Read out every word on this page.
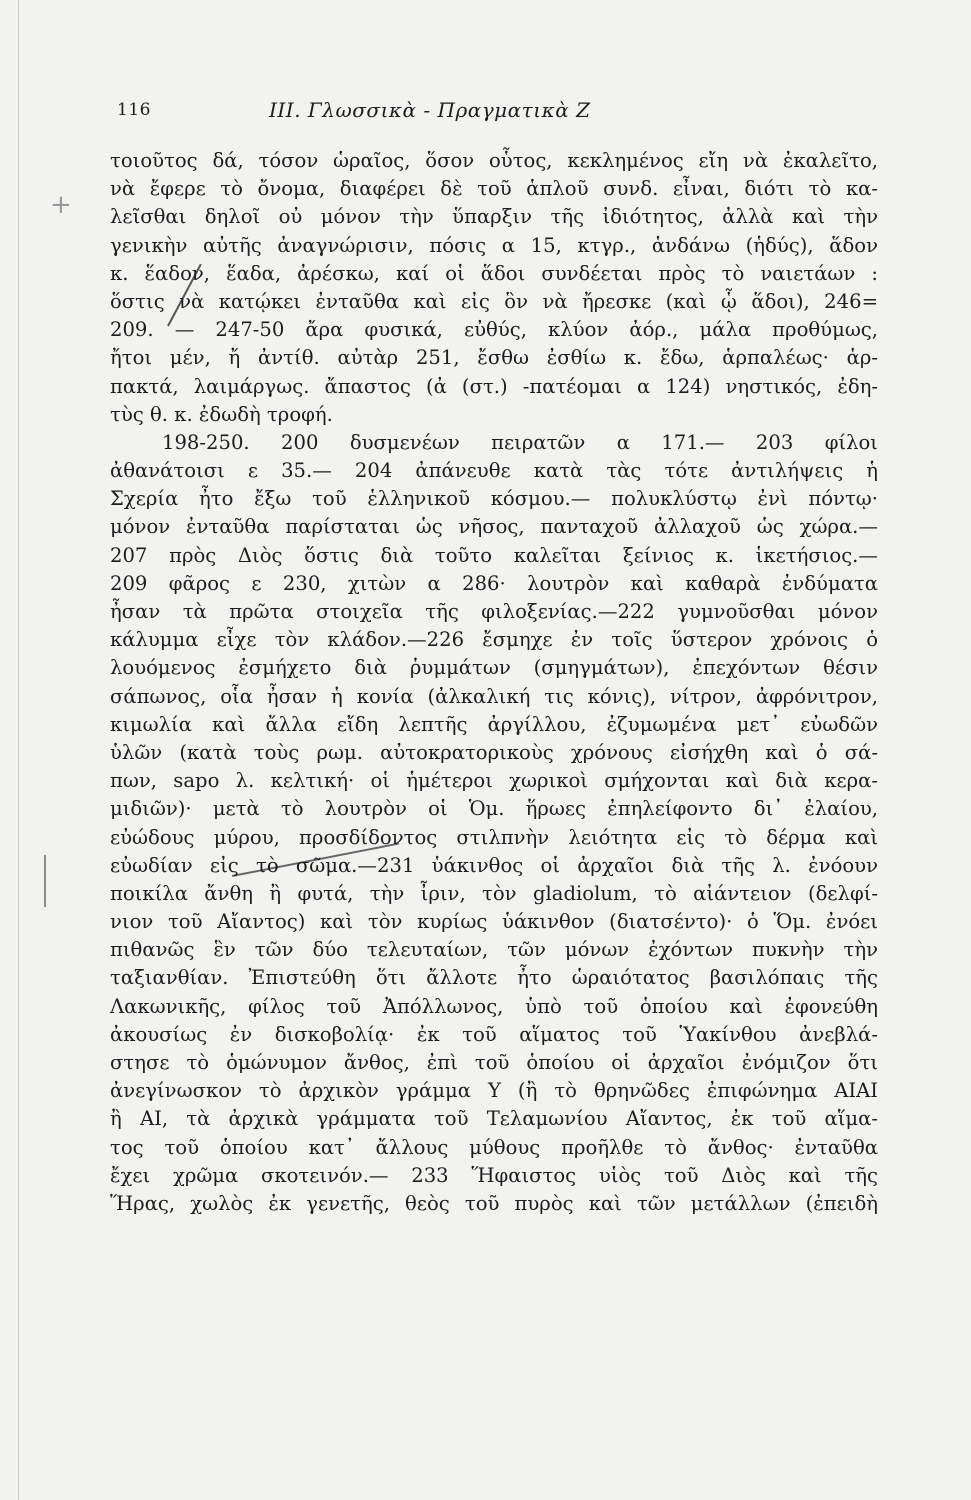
116	III. Γλωσσικὰ - Πραγματικὰ Ζ
+
τοιοῦτος δά, τόσον ὡραῖος, ὅσον οὗτος, κεκλημένος εἴη νὰ ἐκαλεῖτο,
νὰ ἔφερε τὸ ὄνομα, διαφέρει δὲ τοῦ ἁπλοῦ συνδ. εἶναι, διότι τὸ κα-
λεῖσθαι δηλοῖ οὐ μόνον τὴν ὕπαρξιν τῆς ἰδιότητος, ἀλλὰ καὶ τὴν
γενικὴν αὐτῆς ἀναγνώρισιν, πόσις α 15, κτγρ., ἁνδάνω (ἡδύς), ἅδον
κ. ἕαδον, ἕαδα, ἀρέσκω, καί οἱ ἅδοι συνδέεται πρὸς τὸ ναιετάων :
ὅστις νὰ κατῴκει ἐνταῦθα καὶ εἰς ὃν νὰ ἤρεσκε (καὶ ᾧ ἅδοι), 246=
209. — 247-50 ἄρα φυσικά, εὐθύς, κλύον ἀόρ., μάλα προθύμως,
ἤτοι μέν, ἤ ἀντίθ. αὐτὰρ 251, ἔσθω ἐσθίω κ. ἔδω, ἁρπαλέως· ἁρ-
πακτά, λαιμάργως. ἄπαστος (ἀ (στ.) -πατέομαι α 124) νηστικός, ἐδη-
τὺς θ. κ. ἐδωδὴ τροφή.
198-250. 200 δυσμενέων πειρατῶν α 171.— 203 φίλοι
ἀθανάτοισι ε 35.— 204 ἀπάνευθε κατὰ τὰς τότε ἀντιλήψεις ἡ
Σχερία ἦτο ἔξω τοῦ ἑλληνικοῦ κόσμου.— πολυκλύστῳ ἐνὶ πόντῳ·
μόνον ἐνταῦθα παρίσταται ὡς νῆσος, πανταχοῦ ἀλλαχοῦ ὡς χώρα.—
207 πρὸς Διὸς ὅστις διὰ τοῦτο καλεῖται ξείνιος κ. ἱκετήσιος.—
209 φᾶρος ε 230, χιτὼν α 286· λουτρὸν καὶ καθαρὰ ἐνδύματα
ἦσαν τὰ πρῶτα στοιχεῖα τῆς φιλοξενίας.—222 γυμνοῦσθαι μόνον
κάλυμμα εἶχε τὸν κλάδον.—226 ἔσμηχε ἐν τοῖς ὕστερον χρόνοις ὁ
λουόμενος ἐσμήχετο διὰ ῥυμμάτων (σμηγμάτων), ἐπεχόντων θέσιν
σάπωνος, οἷα ἦσαν ἡ κονία (ἀλκαλική τις κόνις), νίτρον, ἀφρόνιτρον,
κιμωλία καὶ ἄλλα εἴδη λεπτῆς ἀργίλλου, ἐζυμωμένα μετ᾽ εὐωδῶν
ὑλῶν (κατὰ τοὺς ρωμ. αὐτοκρατορικοὺς χρόνους εἰσήχθη καὶ ὁ σά-
πων, sapo λ. κελτική· οἱ ἡμέτεροι χωρικοὶ σμήχονται καὶ διὰ κερα-
μιδιῶν)· μετὰ τὸ λουτρὸν οἱ Ὁμ. ἥρωες ἐπηλείφοντο δι᾽ ἐλαίου,
εὐώδους μύρου, προσδίδοντος στιλπνὴν λειότητα εἰς τὸ δέρμα καὶ
εὐωδίαν εἰς τὸ σῶμα.—231 ὑάκινθος οἱ ἀρχαῖοι διὰ τῆς λ. ἐνόουν
ποικίλα ἄνθη ἢ φυτά, τὴν ἶριν, τὸν gladiolum, τὸ αἰάντειον (δελφί-
νιον τοῦ Αἴαντος) καὶ τὸν κυρίως ὑάκινθον (διατσέντο)· ὁ Ὅμ. ἐνόει
πιθανῶς ἓν τῶν δύο τελευταίων, τῶν μόνων ἐχόντων πυκνὴν τὴν
ταξιανθίαν. Ἐπιστεύθη ὅτι ἄλλοτε ἦτο ὡραιότατος βασιλόπαις τῆς
Λακωνικῆς, φίλος τοῦ Ἀπόλλωνος, ὑπὸ τοῦ ὁποίου καὶ ἐφονεύθη
ἀκουσίως ἐν δισκοβολίᾳ· ἐκ τοῦ αἵματος τοῦ Ὑακίνθου ἀνεβλά-
στησε τὸ ὁμώνυμον ἄνθος, ἐπὶ τοῦ ὁποίου οἱ ἀρχαῖοι ἐνόμιζον ὅτι
ἀνεγίνωσκον τὸ ἀρχικὸν γράμμα Υ (ἢ τὸ θρηνῶδες ἐπιφώνημα ΑΙΑΙ
ἢ ΑΙ, τὰ ἀρχικὰ γράμματα τοῦ Τελαμωνίου Αἴαντος, ἐκ τοῦ αἵμα-
τος τοῦ ὁποίου κατ᾽ ἄλλους μύθους προῆλθε τὸ ἄνθος· ἐνταῦθα
ἔχει χρῶμα σκοτεινόν.— 233 Ἥφαιστος υἱὸς τοῦ Διὸς καὶ τῆς
Ἥρας, χωλὸς ἐκ γενετῆς, θεὸς τοῦ πυρὸς καὶ τῶν μετάλλων (ἐπειδὴ
